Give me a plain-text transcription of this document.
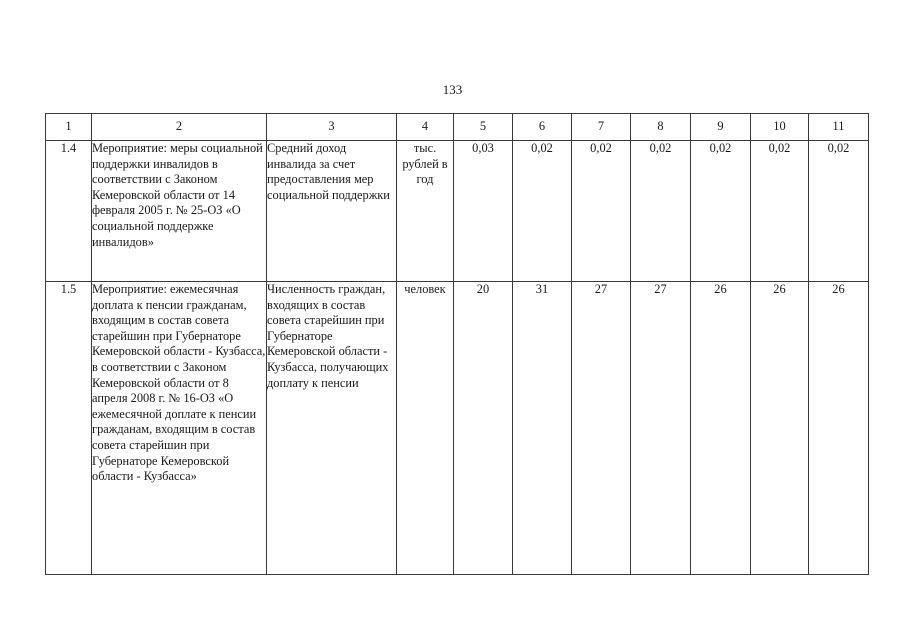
133
1	2	3	4	5	6	7	8	9	10	11
1.4	Мероприятие: меры социальной поддержки инвалидов в соответствии с Законом Кемеровской области от 14 февраля 2005 г. № 25-ОЗ «О социальной поддержке инвалидов»	Средний доход инвалида за счет предоставления мер социальной поддержки	тыс. рублей в год	0,03	0,02	0,02	0,02	0,02	0,02	0,02
1.5	Мероприятие: ежемесячная доплата к пенсии гражданам, входящим в состав совета старейшин при Губернаторе Кемеровской области - Кузбасса, в соответствии с Законом Кемеровской области от 8 апреля 2008 г. № 16-ОЗ «О ежемесячной доплате к пенсии гражданам, входящим в состав совета старейшин при Губернаторе Кемеровской области - Кузбасса»	Численность граждан, входящих в состав совета старейшин при Губернаторе Кемеровской области - Кузбасса, получающих доплату к пенсии	человек	20	31	27	27	26	26	26
